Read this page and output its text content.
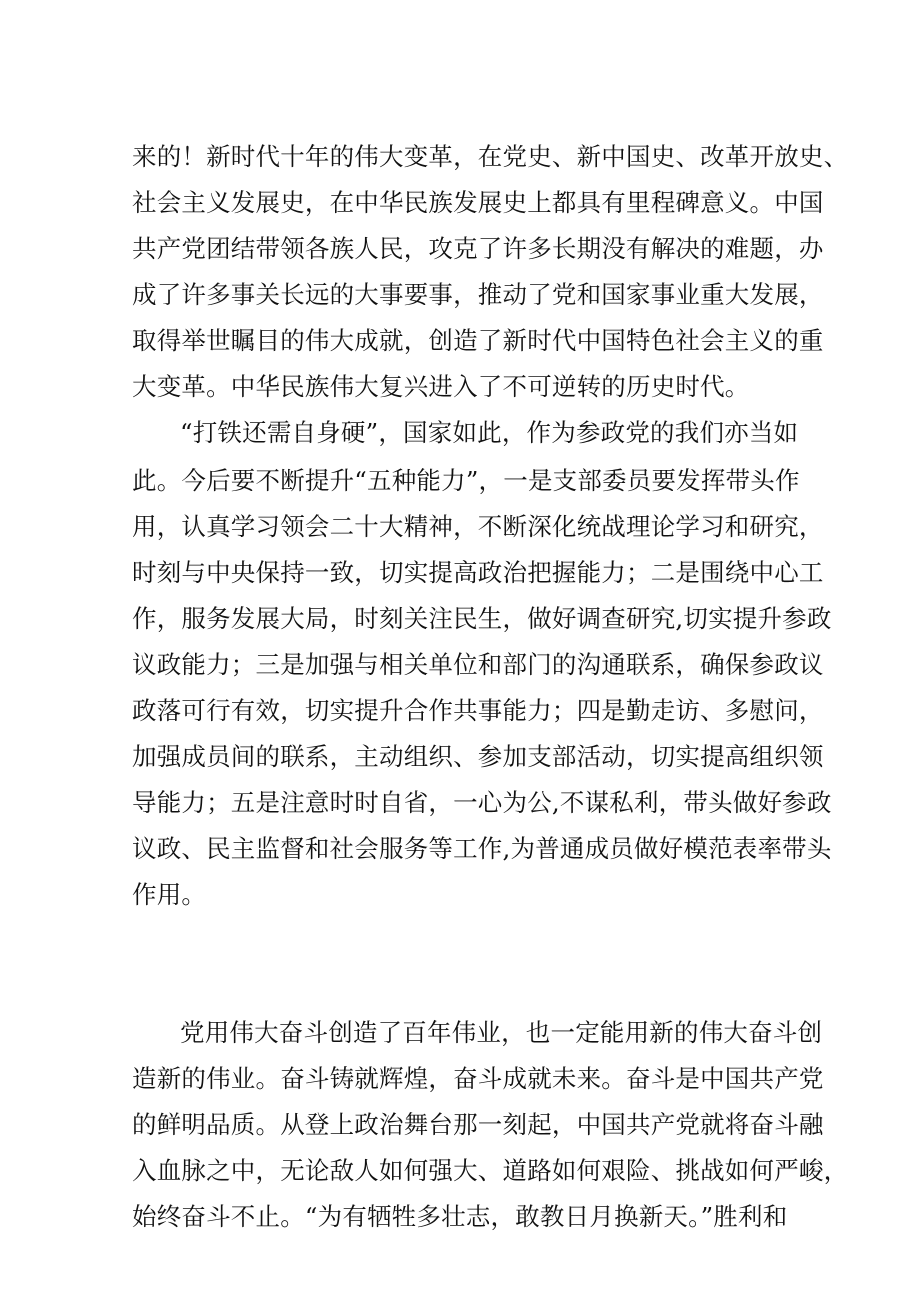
来的！新时代十年的伟大变革，在党史、新中国史、改革开放史、
社会主义发展史，在中华民族发展史上都具有里程碑意义。中国
共产党团结带领各族人民，攻克了许多长期没有解决的难题，办
成了许多事关长远的大事要事，推动了党和国家事业重大发展，
取得举世瞩目的伟大成就，创造了新时代中国特色社会主义的重
大变革。中华民族伟大复兴进入了不可逆转的历史时代。
“打铁还需自身硬”，国家如此，作为参政党的我们亦当如
此。今后要不断提升“五种能力”，一是支部委员要发挥带头作
用，认真学习领会二十大精神，不断深化统战理论学习和研究，
时刻与中央保持一致，切实提高政治把握能力；二是围绕中心工
作，服务发展大局，时刻关注民生，做好调查研究,切实提升参政
议政能力；三是加强与相关单位和部门的沟通联系，确保参政议
政落可行有效，切实提升合作共事能力；四是勤走访、多慰问，
加强成员间的联系，主动组织、参加支部活动，切实提高组织领
导能力；五是注意时时自省，一心为公,不谋私利，带头做好参政
议政、民主监督和社会服务等工作,为普通成员做好模范表率带头
作用。
党用伟大奋斗创造了百年伟业，也一定能用新的伟大奋斗创
造新的伟业。奋斗铸就辉煌，奋斗成就未来。奋斗是中国共产党
的鲜明品质。从登上政治舞台那一刻起，中国共产党就将奋斗融
入血脉之中，无论敌人如何强大、道路如何艰险、挑战如何严峻，
始终奋斗不止。“为有牺牲多壮志，敢教日月换新天。”胜利和
